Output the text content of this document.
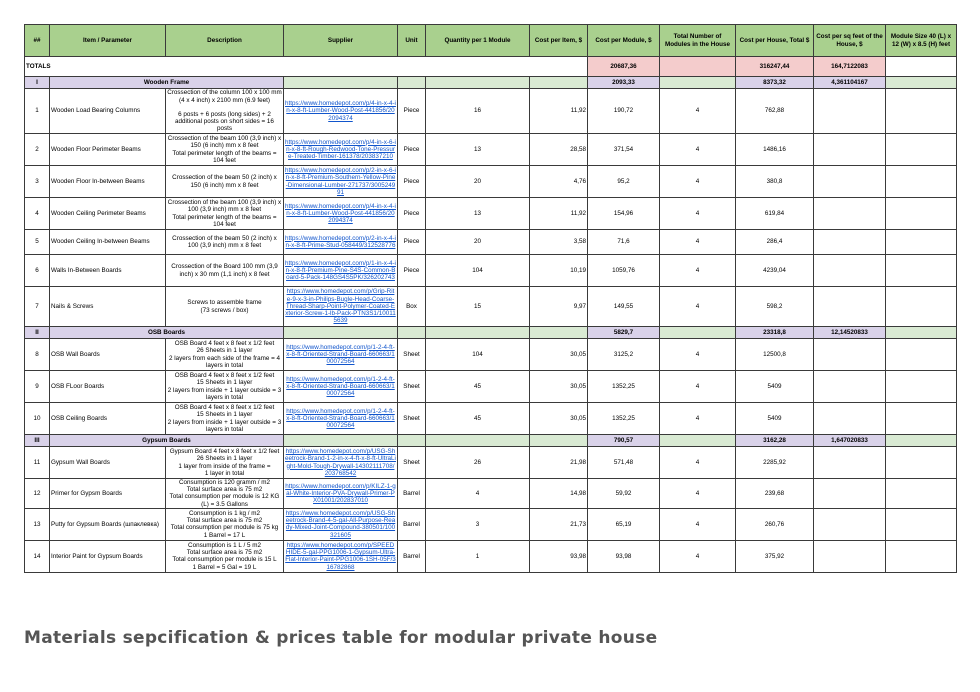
##	Item / Parameter	Description	Supplier	Unit	Quantity per 1 Module	Cost per Item, $	Cost per Module, $	Total Number of Modules in the House	Cost per House, Total $	Cost per sq feet of the House, $	Module Size 40 (L) x 12 (W) x 8.5 (H) feet
TOTALS							20687,36		316247,44	164,7122083	
I	Wooden Frame						2093,33		8373,32	4,361104167	
1	Wooden Load Bearing Columns	Crossection of the column 100 x 100 mm (4 x 4 inch) x 2100 mm (6.9 feet)

6 posts + 6 posts (long sides) + 2 additional posts on short sides = 16 posts	https://www.homedepot.com/p/4-in-x-4-in-x-8-ft-Lumber-Wood-Post-441856/202094374	Piece	16	11,92	190,72	4	762,88		
2	Wooden Floor Perimeter Beams	Crossection of the beam 100 (3,9 inch) x 150 (6 inch) mm x 8 feet
Total perimeter length of the beams = 104 feet	https://www.homedepot.com/p/4-in-x-6-in-x-8-ft-Rough-Redwood-Tone-Pressure-Treated-Timber-161378/203837210	Piece	13	28,58	371,54	4	1486,16		
3	Wooden Floor In-between Beams	Crossection of the beam 50 (2 inch) x 150 (6 inch) mm x 8 feet	https://www.homedepot.com/p/2-in-x-6-in-x-8-ft-Premium-Southern-Yellow-Pine-Dimensional-Lumber-271737/300524991	Piece	20	4,76	95,2	4	380,8		
4	Wooden Ceiling Perimeter Beams	Crossection of the beam 100 (3,9 inch) x 100 (3,9 inch) mm x 8 feet
Total perimeter length of the beams = 104 feet	https://www.homedepot.com/p/4-in-x-4-in-x-8-ft-Lumber-Wood-Post-441856/202094374	Piece	13	11,92	154,96	4	619,84		
5	Wooden Ceiling In-between Beams	Crossection of the beam 50 (2 inch) x 100 (3,9 inch) mm x 8 feet	https://www.homedepot.com/p/2-in-x-4-in-x-8-ft-Prime-Stud-058449/312528776	Piece	20	3,58	71,6	4	286,4		
6	Walls In-Between Boards	Crossection of the Board 100 mm (3,9 inch) x 30 mm (1,1 inch) x 8 feet	https://www.homedepot.com/p/1-in-x-4-in-x-8-ft-Premium-Pine-S4S-Common-Board-5-Pack-148GS4S5PK/326202743	Piece	104	10,19	1059,76	4	4239,04		
7	Nails & Screws	Screws to assemble frame
(73 screws / box)	https://www.homedepot.com/p/Grip-Rite-9-x-3-in-Philips-Bugle-Head-Coarse-Thread-Sharp-Point-Polymer-Coated-Exterior-Screw-1-lb-Pack-PTN3S1/100115639	Box	15	9,97	149,55	4	598,2		
II	OSB Boards						5829,7		23318,8	12,14520833	
8	OSB Wall Boards	OSB Board 4 feet x 8 feet x 1/2 feet
26 Sheets in 1 layer
2 layers from each side of the frame = 4 layers in total	https://www.homedepot.com/p/1-2-4-ft-x-8-ft-Oriented-Strand-Board-660663/100072564	Sheet	104	30,05	3125,2	4	12500,8		
9	OSB FLoor Boards	OSB Board 4 feet x 8 feet x 1/2 feet
15 Sheets in 1 layer
2 layers from inside + 1 layer outside = 3 layers in total	https://www.homedepot.com/p/1-2-4-ft-x-8-ft-Oriented-Strand-Board-660663/100072564	Sheet	45	30,05	1352,25	4	5409		
10	OSB Ceiling Boards	OSB Board 4 feet x 8 feet x 1/2 feet
15 Sheets in 1 layer
2 layers from inside + 1 layer outside = 3 layers in total	https://www.homedepot.com/p/1-2-4-ft-x-8-ft-Oriented-Strand-Board-660663/100072564	Sheet	45	30,05	1352,25	4	5409		
III	Gypsum Boards						790,57		3162,28	1,647020833	
11	Gypsum Wall Boards	Gypsum Board 4 feet x 8 feet x 1/2 feet
26 Sheets in 1 layer
1 layer from inside of the frame =
1 layer in total	https://www.homedepot.com/p/USG-Sheetrock-Brand-1-2-in-x-4-ft-x-8-ft-UltraLight-Mold-Tough-Drywall-14302111708/203768542	Sheet	26	21,98	571,48	4	2285,92		
12	Primer for Gypsm Boards	Consumption is 120 gramm / m2
Total surface area is 75 m2
Total consumption per module is 12 KG (L) = 3.5 Gallons	https://www.homedepot.com/p/KILZ-1-gal-White-Interior-PVA-Drywall-Primer-PX01001/202837010	Barrel	4	14,98	59,92	4	239,68		
13	Putty for Gypsum Boards (шпаклевка)	Consumption is 1 kg / m2
Total surface area is 75 m2
Total consumption per module is 75 kg
1 Barrel = 17 L	https://www.homedepot.com/p/USG-Sheetrock-Brand-4-5-gal-All-Purpose-Ready-Mixed-Joint-Compound-380501/100321605	Barrel	3	21,73	65,19	4	260,76		
14	Interior Paint for Gypsum Boards	Consumption is 1 L / 5 m2
Total surface area is 75 m2
Total consumption per module is 15 L
1 Barrel = 5 Gal = 19 L	https://www.homedepot.com/p/SPEEDHIDE-5-gal-PPG1006-1-Gypsum-Ultra-Flat-Interior-Paint-PPG1006-1SH-05F/316782868	Barrel	1	93,98	93,98	4	375,92		
Materials sepcification & prices table for modular private house
